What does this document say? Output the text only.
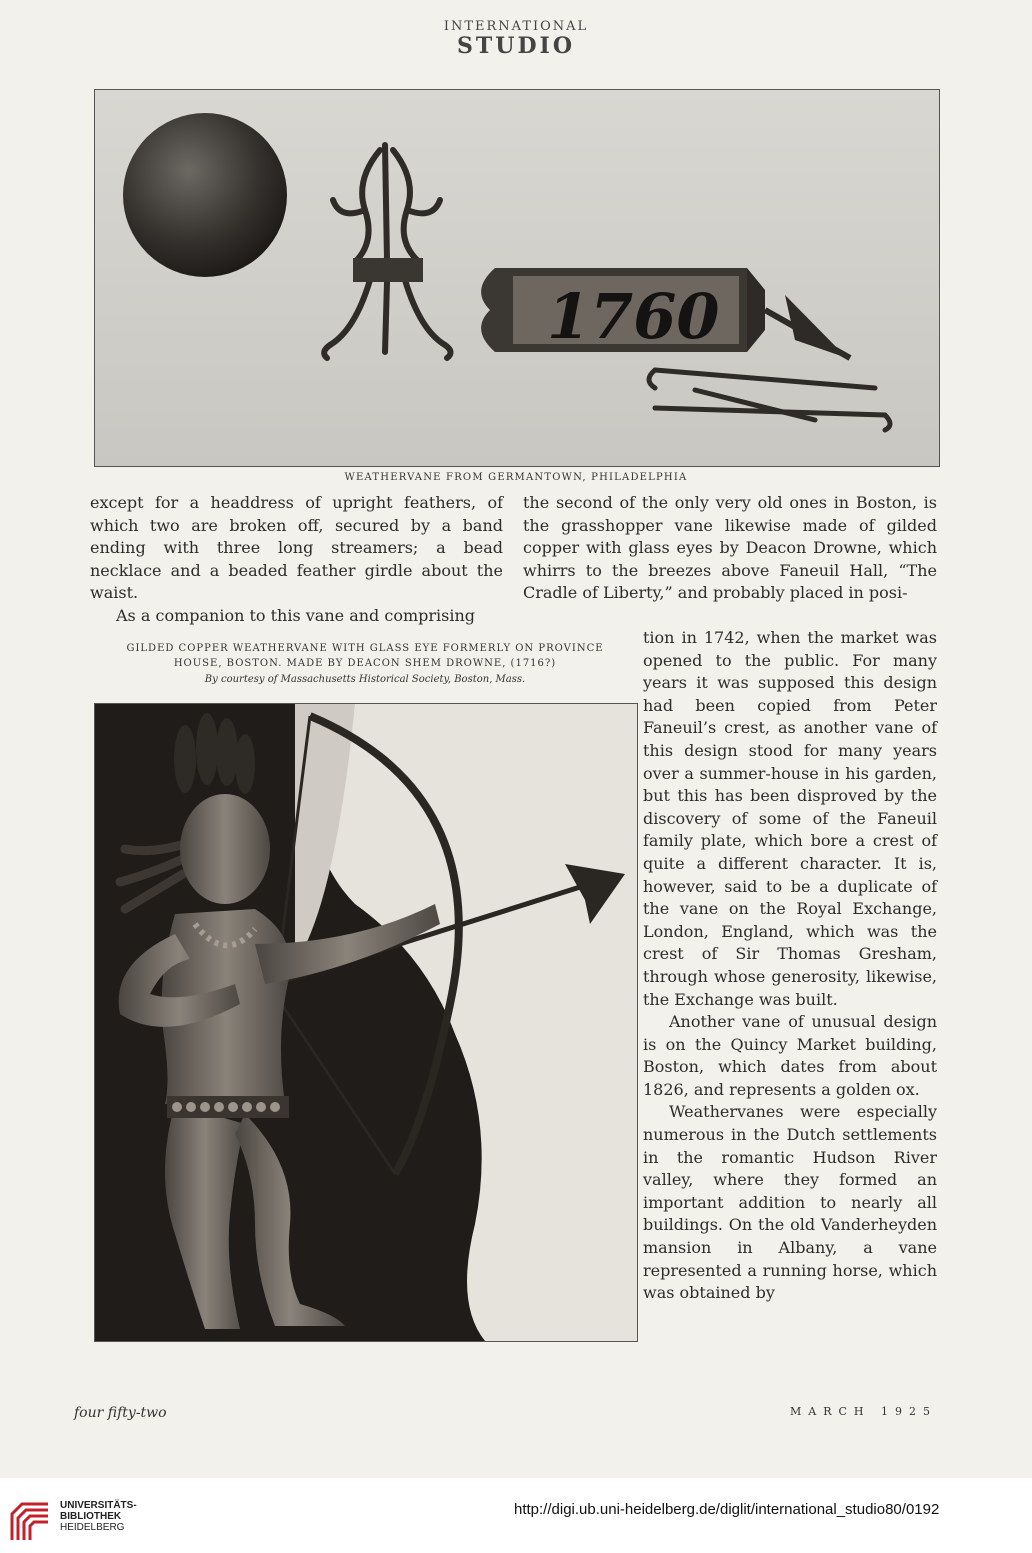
INTERNATIONAL
STUDIO
1760
WEATHERVANE FROM GERMANTOWN, PHILADELPHIA

except for a headdress of upright feathers, of which two are broken off, secured by a band ending with three long streamers; a bead necklace and a beaded feather girdle about the waist.

As a companion to this vane and comprising

the second of the only very old ones in Boston, is the grasshopper vane likewise made of gilded copper with glass eyes by Deacon Drowne, which whirrs to the breezes above Faneuil Hall, “The Cradle of Liberty,” and probably placed in posi-

GILDED COPPER WEATHERVANE WITH GLASS EYE FORMERLY ON PROVINCE
HOUSE, BOSTON. MADE BY DEACON SHEM DROWNE, (1716?)
By courtesy of Massachusetts Historical Society, Boston, Mass.

tion in 1742, when the market was opened to the public. For many years it was supposed this design had been copied from Peter Faneuil’s crest, as another vane of this design stood for many years over a summer-house in his garden, but this has been disproved by the discovery of some of the Faneuil family plate, which bore a crest of quite a different character. It is, however, said to be a duplicate of the vane on the Royal Exchange, London, England, which was the crest of Sir Thomas Gresham, through whose generosity, likewise, the Exchange was built.

Another vane of unusual design is on the Quincy Market building, Boston, which dates from about 1826, and represents a golden ox.

Weathervanes were especially numerous in the Dutch settlements in the romantic Hudson River valley, where they formed an important addition to nearly all buildings. On the old Vanderheyden mansion in Albany, a vane represented a running horse, which was obtained by

four fifty-two	MARCH 1925
UNIVERSITÄTS-
BIBLIOTHEK
HEIDELBERG
http://digi.ub.uni-heidelberg.de/diglit/international_studio80/0192
